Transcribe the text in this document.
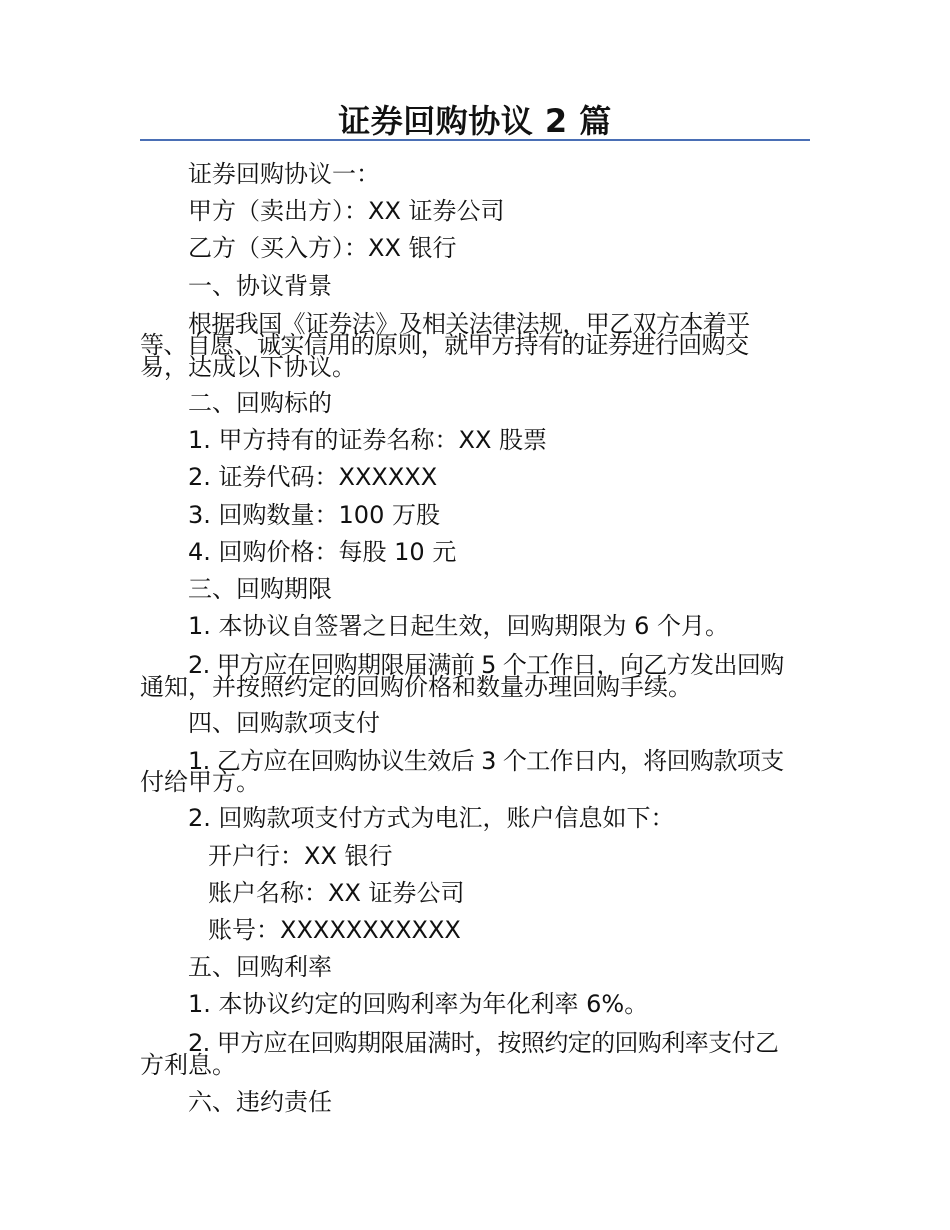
证券回购协议 2 篇
证券回购协议一：
甲方（卖出方）：XX 证券公司
乙方（买入方）：XX 银行
一、协议背景
根据我国《证券法》及相关法律法规，甲乙双方本着平
等、自愿、诚实信用的原则，就甲方持有的证券进行回购交
易，达成以下协议。
二、回购标的
1. 甲方持有的证券名称：XX 股票
2. 证券代码：XXXXXX
3. 回购数量：100 万股
4. 回购价格：每股 10 元
三、回购期限
1. 本协议自签署之日起生效，回购期限为 6 个月。
2. 甲方应在回购期限届满前 5 个工作日，向乙方发出回购
通知，并按照约定的回购价格和数量办理回购手续。
四、回购款项支付
1. 乙方应在回购协议生效后 3 个工作日内，将回购款项支
付给甲方。
2. 回购款项支付方式为电汇，账户信息如下：
开户行：XX 银行
账户名称：XX 证券公司
账号：XXXXXXXXXXX
五、回购利率
1. 本协议约定的回购利率为年化利率 6%。
2. 甲方应在回购期限届满时，按照约定的回购利率支付乙
方利息。
六、违约责任
